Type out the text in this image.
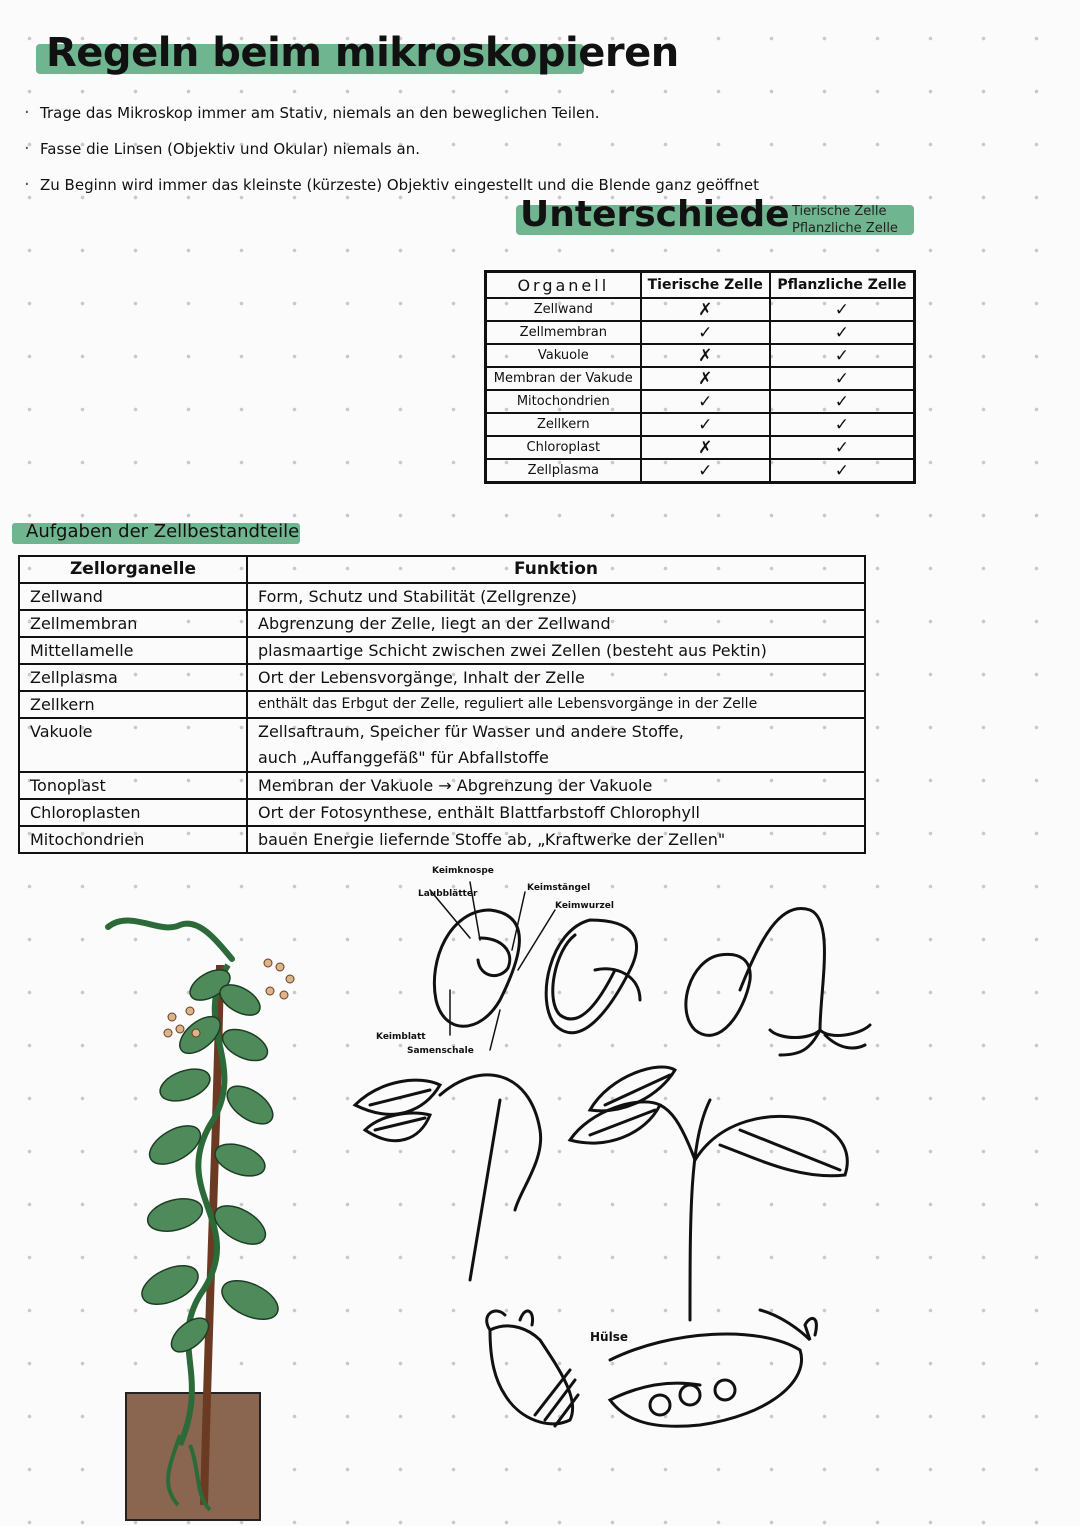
Regeln beim mikroskopieren
· Trage das Mikroskop immer am Stativ, niemals an den beweglichen Teilen.
· Fasse die Linsen (Objektiv und Okular) niemals an.
· Zu Beginn wird immer das kleinste (kürzeste) Objektiv eingestellt und die Blende ganz geöffnet
Unterschiede Tierische Zelle
Pflanzliche Zelle
Organell	Tierische Zelle	Pflanzliche Zelle
Zellwand	✗	✓
Zellmembran	✓	✓
Vakuole	✗	✓
Membran der Vakude	✗	✓
Mitochondrien	✓	✓
Zellkern	✓	✓
Chloroplast	✗	✓
Zellplasma	✓	✓
Aufgaben der Zellbestandteile
Zellorganelle	Funktion
Zellwand	Form, Schutz und Stabilität (Zellgrenze)
Zellmembran	Abgrenzung der Zelle, liegt an der Zellwand
Mittellamelle	plasmaartige Schicht zwischen zwei Zellen (besteht aus Pektin)
Zellplasma	Ort der Lebensvorgänge, Inhalt der Zelle
Zellkern	enthält das Erbgut der Zelle, reguliert alle Lebensvorgänge in der Zelle
Vakuole	Zellsaftraum, Speicher für Wasser und andere Stoffe,
auch „Auffanggefäß" für Abfallstoffe

Tonoplast	Membran der Vakuole → Abgrenzung der Vakuole
Chloroplasten	Ort der Fotosynthese, enthält Blattfarbstoff Chlorophyll
Mitochondrien	bauen Energie liefernde Stoffe ab, „Kraftwerke der Zellen"
Keimknospe
Laubblätter
Keimstängel
Keimwurzel
Keimblatt
Samenschale
Hülse
